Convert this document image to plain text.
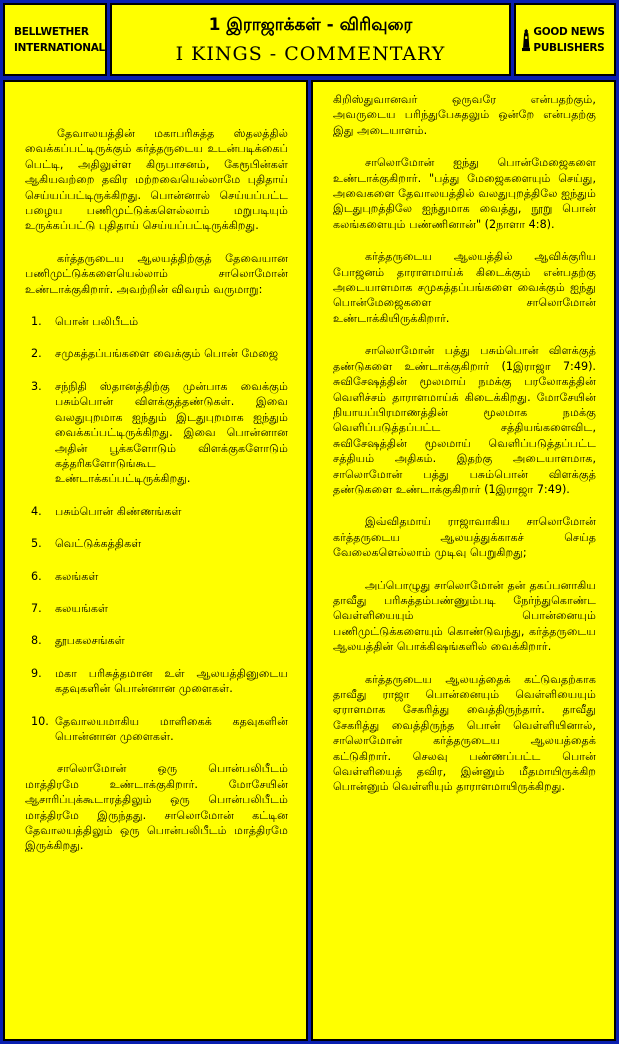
BELLWETHER INTERNATIONAL
1 இராஜாக்கள் - விரிவுரை
I KINGS - COMMENTARY
GOOD NEWS PUBLISHERS

தேவாலயத்தின் மகாபரிசுத்த ஸ்தலத்தில் வைக்கப்பட்டிருக்கும் கர்த்தருடைய உடன்படிக்கைப் பெட்டி, அதிலுள்ள கிருபாசனம், கேரூபின்கள் ஆகியவற்றை தவிர மற்றவையெல்லாமே புதிதாய் செய்யப்பட்டிருக்கிறது. பொன்னால் செய்யப்பட்ட பழைய பணிமுட்டுக்களெல்லாம் மறுபடியும் உருக்கப்பட்டு புதிதாய் செய்யப்பட்டிருக்கிறது.

கர்த்தருடைய ஆலயத்திற்குத் தேவையான பணிமுட்டுக்களையெல்லாம் சாலொமோன் உண்டாக்குகிறார். அவற்றின் விவரம் வருமாறு:

1. பொன் பலிபீடம்
2. சமுகத்தப்பங்களை வைக்கும் பொன் மேஜை
3. சந்நிதி ஸ்தானத்திற்கு முன்பாக வைக்கும் பசும்பொன் விளக்குத்தண்டுகள். இவை வலதுபுறமாக ஐந்தும் இடதுபுறமாக ஐந்தும் வைக்கப்பட்டிருக்கிறது. இவை பொன்னான அதின் பூக்களோடும் விளக்குகளோடும் கத்தரிகளோடுங்கூட உண்டாக்கப்பட்டிருக்கிறது.
4. பசும்பொன் கிண்ணங்கள்
5. வெட்டுக்கத்திகள்
6. கலங்கள்
7. கலயங்கள்
8. தூபகலசங்கள்
9. மகா பரிசுத்தமான உள் ஆலயத்தினுடைய கதவுகளின் பொன்னான முளைகள்.
10. தேவாலயமாகிய மாளிகைக் கதவுகளின் பொன்னான முளைகள்.

சாலொமோன் ஒரு பொன்பலிபீடம் மாத்திரமே உண்டாக்குகிறார். மோசேயின் ஆசாரிப்புக்கூடாரத்திலும் ஒரு பொன்பலிபீடம் மாத்திரமே இருந்தது. சாலொமோன் கட்டின தேவாலயத்திலும் ஒரு பொன்பலிபீடம் மாத்திரமே இருக்கிறது.

கிறிஸ்துவானவர் ஒருவரே என்பதற்கும், அவருடைய பரிந்துபேசுதலும் ஒன்றே என்பதற்கு இது அடையாளம்.

சாலொமோன் ஐந்து பொன்மேஜைகளை உண்டாக்குகிறார். "பத்து மேஜைகளையும் செய்து, அவைகளை தேவாலயத்தில் வலதுபுறத்திலே ஐந்தும் இடதுபுறத்திலே ஐந்துமாக வைத்து, நூறு பொன் கலங்களையும் பண்ணினான்" (2நாளா 4:8).

கர்த்தருடைய ஆலயத்தில் ஆவிக்குரிய போஜனம் தாராளமாய்க் கிடைக்கும் என்பதற்கு அடையாளமாக சமுகத்தப்பங்களை வைக்கும் ஐந்து பொன்மேஜைகளை சாலொமோன் உண்டாக்கியிருக்கிறார்.

சாலொமோன் பத்து பசும்பொன் விளக்குத் தண்டுகளை உண்டாக்குகிறார் (1இராஜா 7:49). சுவிசேஷத்தின் மூலமாய் நமக்கு பரலோகத்தின் வெளிச்சம் தாராளமாய்க் கிடைக்கிறது. மோசேயின் நியாயப்பிரமாணத்தின் மூலமாக நமக்கு வெளிப்படுத்தப்பட்ட சத்தியங்களைவிட, சுவிசேஷத்தின் மூலமாய் வெளிப்படுத்தப்பட்ட சத்தியம் அதிகம். இதற்கு அடையாளமாக, சாலொமோன் பத்து பசும்பொன் விளக்குத் தண்டுகளை உண்டாக்குகிறார் (1இராஜா 7:49).

இவ்விதமாய் ராஜாவாகிய சாலொமோன் கர்த்தருடைய ஆலயத்துக்காகச் செய்த வேலைகளெல்லாம் முடிவு பெறுகிறது;

அப்பொழுது சாலொமோன் தன் தகப்பனாகிய தாவீது பரிசுத்தம்பண்ணும்படி நேர்ந்துகொண்ட வெள்ளியையும் பொன்னையும் பணிமுட்டுக்களையும் கொண்டுவந்து, கர்த்தருடைய ஆலயத்தின் பொக்கிஷங்களில் வைக்கிறார்.

கர்த்தருடைய ஆலயத்தைக் கட்டுவதற்காக தாவீது ராஜா பொன்னையும் வெள்ளியையும் ஏராளமாக சேகரித்து வைத்திருந்தார். தாவீது சேகரித்து வைத்திருந்த பொன் வெள்ளியினால், சாலொமோன் கர்த்தருடைய ஆலயத்தைக் கட்டுகிறார். செலவு பண்ணப்பட்ட பொன் வெள்ளியைத் தவிர, இன்னும் மீதமாயிருக்கிற பொன்னும் வெள்ளியும் தாராளமாயிருக்கிறது.
